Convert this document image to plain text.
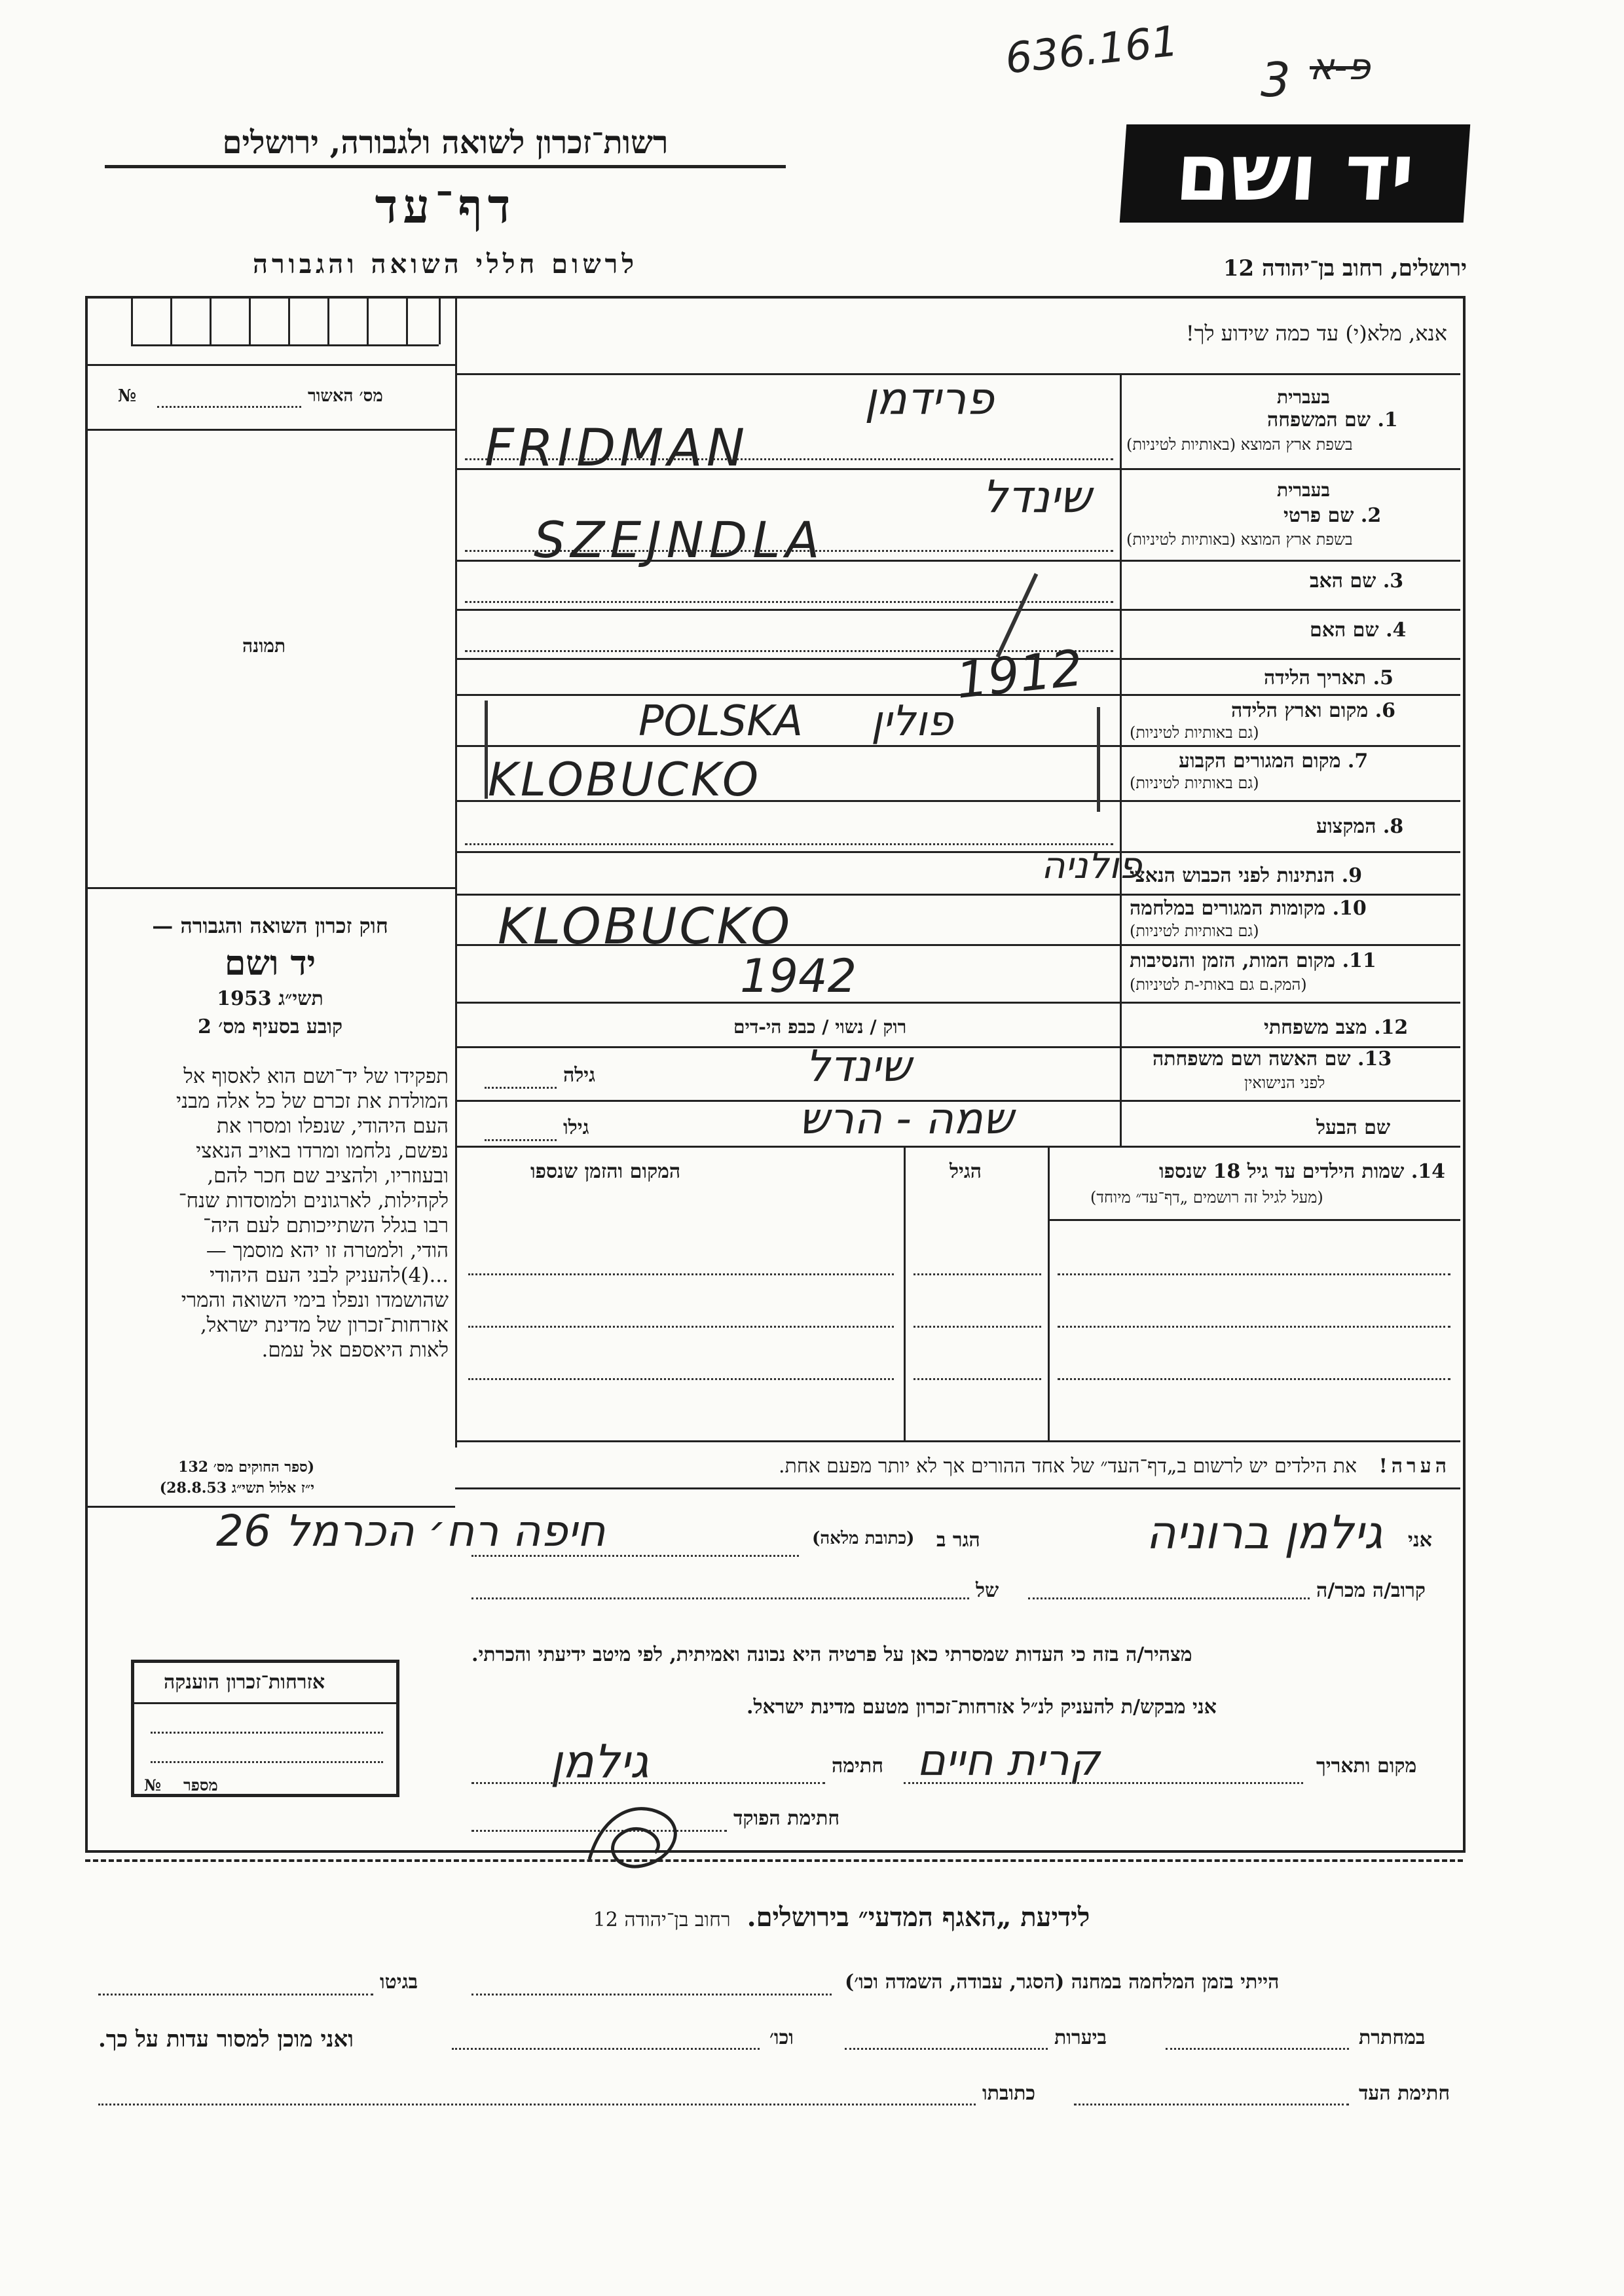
636.161 3 פ-א
רשות־זכרון לשואה ולגבורה, ירושלים
דף־עד
לרשום חללי השואה והגבורה
יד ושם
ירושלים, רחוב בן־יהודה 12
אנא, מלא(י) עד כמה שידוע לך!
מס׳ האשור
№
תמונה
בעברית
1. שם המשפחה
בשפת ארץ המוצא (באותיות לטיניות)
בעברית
2. שם פרטי
בשפת ארץ המוצא (באותיות לטיניות)
3. שם האב
4. שם האם
5. תאריך הלידה
6. מקום וארץ הלידה
(גם באותיות לטיניות)
7. מקום המגורים הקבוע
(גם באותיות לטיניות)
8. המקצוע
9. הנתינות לפני הכבוש הנאצי
10. מקומות המגורים במלחמה
(גם באותיות לטיניות)
11. מקום המות, הזמן והנסיבות
(המק.ם גם באותי-ת לטיניות)
12. מצב משפחתי
רוק / נשוי / כבפ הי-דים
13. שם האשה ושם משפחתה
לפני הנישואין
גילה
שם הבעל
גילו
פרידמן
FRIDMAN
שינדל
SZEJNDLA
1912
POLSKA פולין
KLOBUCKO
פולניה
KLOBUCKO
1942
שינדל
שמה - הרש
14. שמות הילדים עד גיל 18 שנספו
(מעל לגיל זה רושמים „דף־עד״ מיוחד)
הגיל
המקום והזמן שנספו
חוק זכרון השואה והגבורה —
יד ושם
תשי״ג 1953
קובע בסעיף מס׳ 2
תפקידו של יד־ושם הוא לאסוף אל
המולדת את זכרם של כל אלה מבני
העם היהודי, שנפלו ומסרו את
נפשם, נלחמו ומרדו באויב הנאצי
ובעוזריו, ולהציב שם חכר להם,
לקהילות, לארגונים ולמוסדות שנח־
רבו בגלל השתייכותם לעם היה־
הודי, ולמטרה זו יהא מוסמך —
...(4)להעניק לבני העם היהודי
שהושמדו ונפלו בימי השואה והמרי
אזרחות־זכרון של מדינת ישראל,
לאות היאספם אל עמם.
(ספר החוקים מס׳ 132
י״ז אלול תשי״ג 28.8.53)
הערה! את הילדים יש לרשום ב„דף־העד״ של אחד ההורים אך לא יותר מפעם אחת.
אני
גילמן ברוניה
הגר ב
(כתובת מלאה)
חיפה רח׳ הכרמל 26
קרוב/ה מכר/ה
של
מצהיר/ה בזה כי העדות שמסרתי כאן על פרטיה היא נכונה ואמיתית, לפי מיטב ידיעתי והכרתי.
אני מבקש/ת להעניק לנ״ל אזרחות־זכרון מטעם מדינת ישראל.
מקום ותאריך
קרית חיים
חתימה
גילמן
חתימת הפוקד
אזרחות־זכרון הוענקה
מספר
№
לידיעת „האגף המדעי״ בירושלים. רחוב בן־יהודה 12
הייתי בזמן המלחמה במחנה (הסגר, עבודה, השמדה וכו׳)
בגיטו
במחתרת
ביערות
וכו׳
ואני מוכן למסור עדות על כך.
חתימת העד
כתובתו
